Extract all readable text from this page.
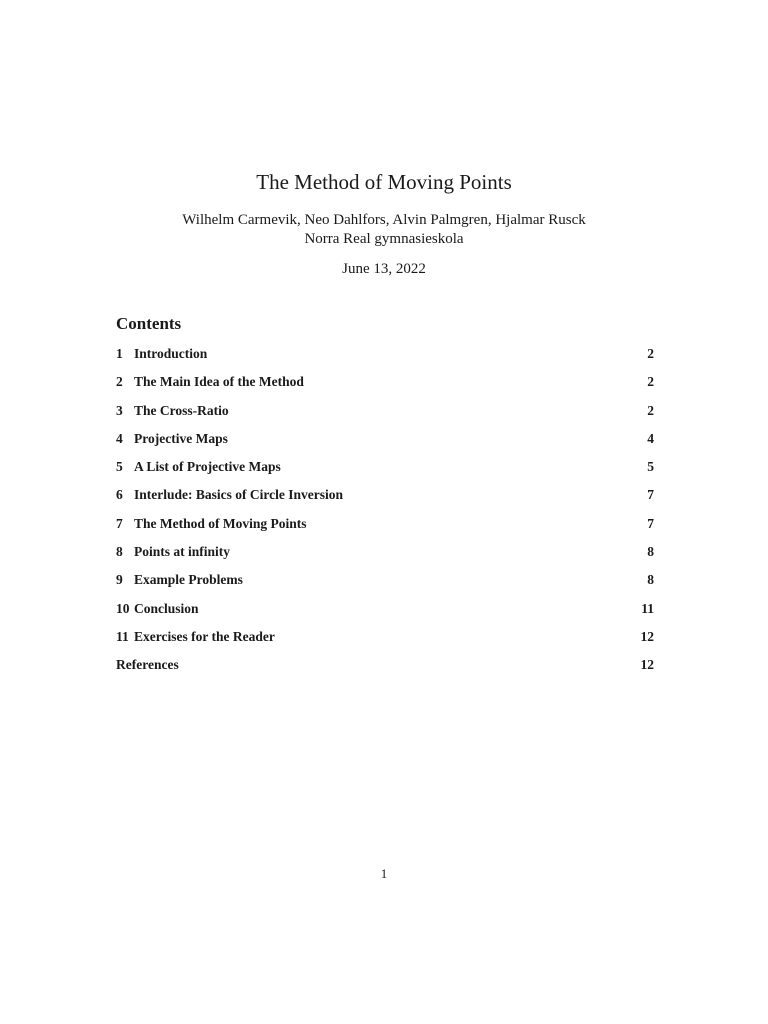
The Method of Moving Points
Wilhelm Carmevik, Neo Dahlfors, Alvin Palmgren, Hjalmar Rusck
Norra Real gymnasieskola
June 13, 2022
Contents
1 Introduction	2
2 The Main Idea of the Method	2
3 The Cross-Ratio	2
4 Projective Maps	4
5 A List of Projective Maps	5
6 Interlude: Basics of Circle Inversion	7
7 The Method of Moving Points	7
8 Points at infinity	8
9 Example Problems	8
10 Conclusion	11
11 Exercises for the Reader	12
References	12
1
